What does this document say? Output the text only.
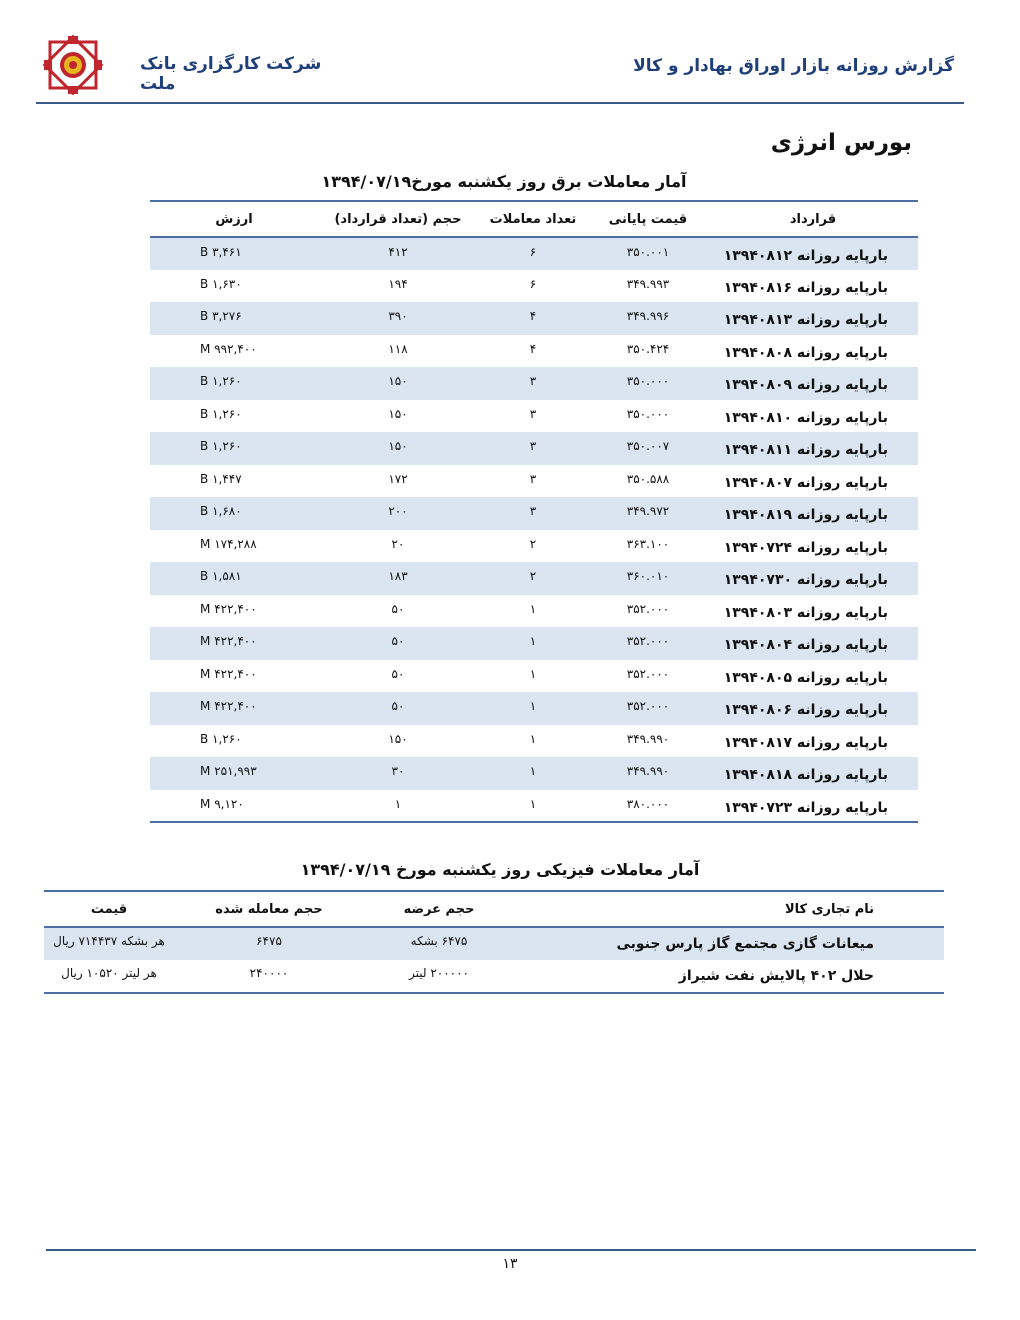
شرکت کارگزاری بانک ملت
گزارش روزانه بازار اوراق بهادار و کالا
بورس انرژی
آمار معاملات برق روز یکشنبه مورخ۱۳۹۴/۰۷/۱۹
قرارداد	قیمت پایانی	تعداد معاملات	حجم (تعداد قرارداد)	ارزش
بارپایه روزانه ۱۳۹۴۰۸۱۲	۳۵۰.۰۰۱	۶	۴۱۲	۳,۴۶۱ B
بارپایه روزانه ۱۳۹۴۰۸۱۶	۳۴۹.۹۹۳	۶	۱۹۴	۱,۶۳۰ B
بارپایه روزانه ۱۳۹۴۰۸۱۳	۳۴۹.۹۹۶	۴	۳۹۰	۳,۲۷۶ B
بارپایه روزانه ۱۳۹۴۰۸۰۸	۳۵۰.۴۲۴	۴	۱۱۸	۹۹۲,۴۰۰ M
بارپایه روزانه ۱۳۹۴۰۸۰۹	۳۵۰.۰۰۰	۳	۱۵۰	۱,۲۶۰ B
بارپایه روزانه ۱۳۹۴۰۸۱۰	۳۵۰.۰۰۰	۳	۱۵۰	۱,۲۶۰ B
بارپایه روزانه ۱۳۹۴۰۸۱۱	۳۵۰.۰۰۷	۳	۱۵۰	۱,۲۶۰ B
بارپایه روزانه ۱۳۹۴۰۸۰۷	۳۵۰.۵۸۸	۳	۱۷۲	۱,۴۴۷ B
بارپایه روزانه ۱۳۹۴۰۸۱۹	۳۴۹.۹۷۲	۳	۲۰۰	۱,۶۸۰ B
بارپایه روزانه ۱۳۹۴۰۷۲۴	۳۶۳.۱۰۰	۲	۲۰	۱۷۴,۲۸۸ M
بارپایه روزانه ۱۳۹۴۰۷۳۰	۳۶۰.۰۱۰	۲	۱۸۳	۱,۵۸۱ B
بارپایه روزانه ۱۳۹۴۰۸۰۳	۳۵۲.۰۰۰	۱	۵۰	۴۲۲,۴۰۰ M
بارپایه روزانه ۱۳۹۴۰۸۰۴	۳۵۲.۰۰۰	۱	۵۰	۴۲۲,۴۰۰ M
بارپایه روزانه ۱۳۹۴۰۸۰۵	۳۵۲.۰۰۰	۱	۵۰	۴۲۲,۴۰۰ M
بارپایه روزانه ۱۳۹۴۰۸۰۶	۳۵۲.۰۰۰	۱	۵۰	۴۲۲,۴۰۰ M
بارپایه روزانه ۱۳۹۴۰۸۱۷	۳۴۹.۹۹۰	۱	۱۵۰	۱,۲۶۰ B
بارپایه روزانه ۱۳۹۴۰۸۱۸	۳۴۹.۹۹۰	۱	۳۰	۲۵۱,۹۹۳ M
بارپایه روزانه ۱۳۹۴۰۷۲۳	۳۸۰.۰۰۰	۱	۱	۹,۱۲۰ M
آمار معاملات فیزیکی روز یکشنبه مورخ ۱۳۹۴/۰۷/۱۹
نام تجاری کالا	حجم عرضه	حجم معامله شده	قیمت
میعانات گازی مجتمع گاز پارس جنوبی	۶۴۷۵ بشکه	۶۴۷۵	هر بشکه ۷۱۴۴۳۷ ریال
حلال ۴۰۲ پالایش نفت شیراز	۲۰۰۰۰۰ لیتر	۲۴۰۰۰۰	هر لیتر ۱۰۵۲۰ ریال
۱۳
